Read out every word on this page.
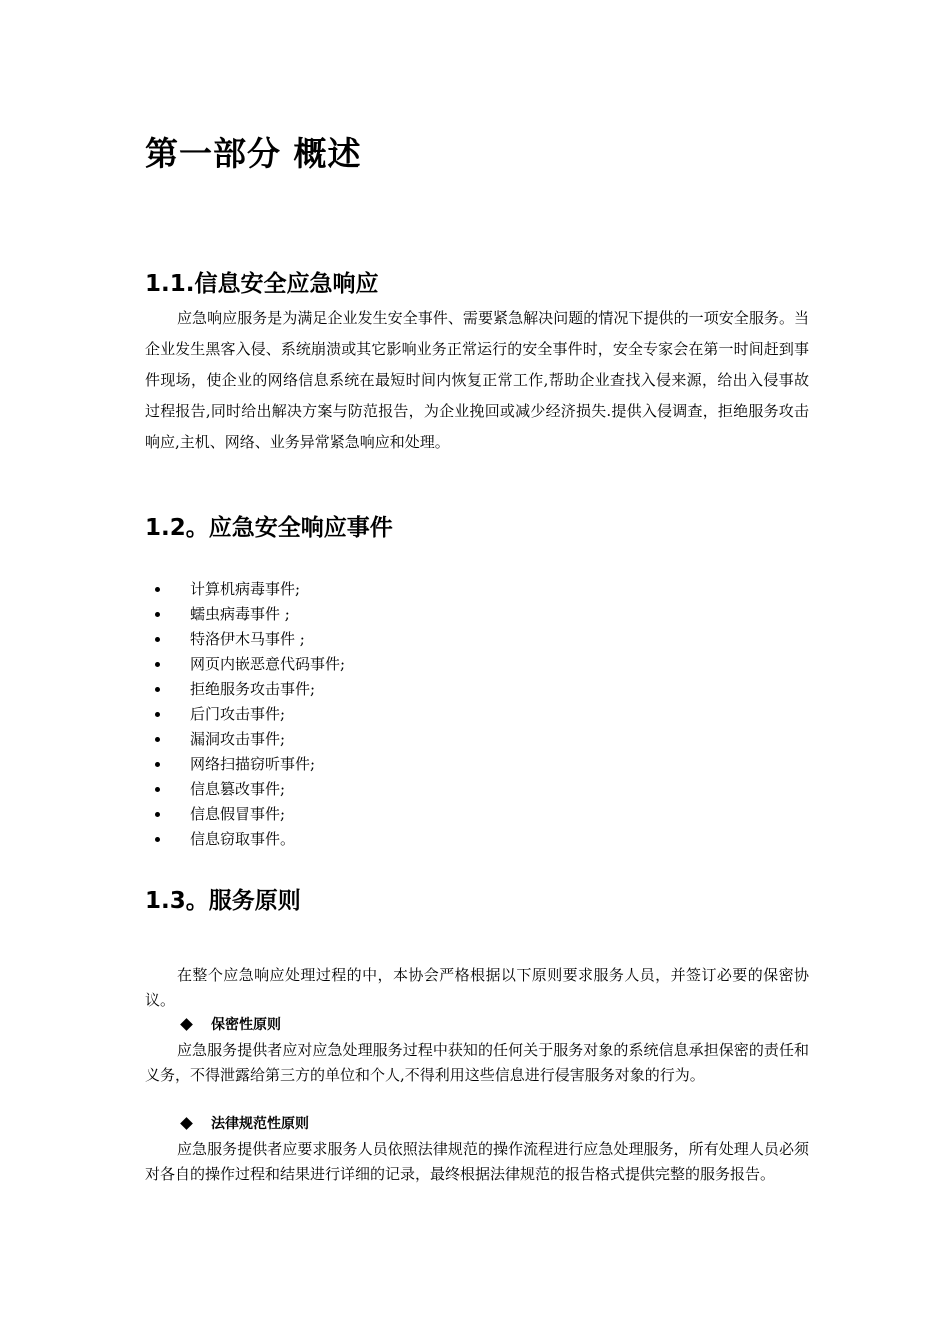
第一部分 概述
1.1.信息安全应急响应

应急响应服务是为满足企业发生安全事件、需要紧急解决问题的情况下提供的一项安全服务。当企业发生黑客入侵、系统崩溃或其它影响业务正常运行的安全事件时，安全专家会在第一时间赶到事件现场，使企业的网络信息系统在最短时间内恢复正常工作,帮助企业查找入侵来源，给出入侵事故过程报告,同时给出解决方案与防范报告，为企业挽回或减少经济损失.提供入侵调查，拒绝服务攻击响应,主机、网络、业务异常紧急响应和处理。

1.2。应急安全响应事件
计算机病毒事件;
蠕虫病毒事件 ;
特洛伊木马事件 ;
网页内嵌恶意代码事件;
拒绝服务攻击事件;
后门攻击事件;
漏洞攻击事件;
网络扫描窃听事件;
信息篡改事件;
信息假冒事件;
信息窃取事件。
1.3。服务原则

在整个应急响应处理过程的中，本协会严格根据以下原则要求服务人员，并签订必要的保密协议。

保密性原则

应急服务提供者应对应急处理服务过程中获知的任何关于服务对象的系统信息承担保密的责任和义务，不得泄露给第三方的单位和个人,不得利用这些信息进行侵害服务对象的行为。

法律规范性原则

应急服务提供者应要求服务人员依照法律规范的操作流程进行应急处理服务，所有处理人员必须对各自的操作过程和结果进行详细的记录，最终根据法律规范的报告格式提供完整的服务报告。
